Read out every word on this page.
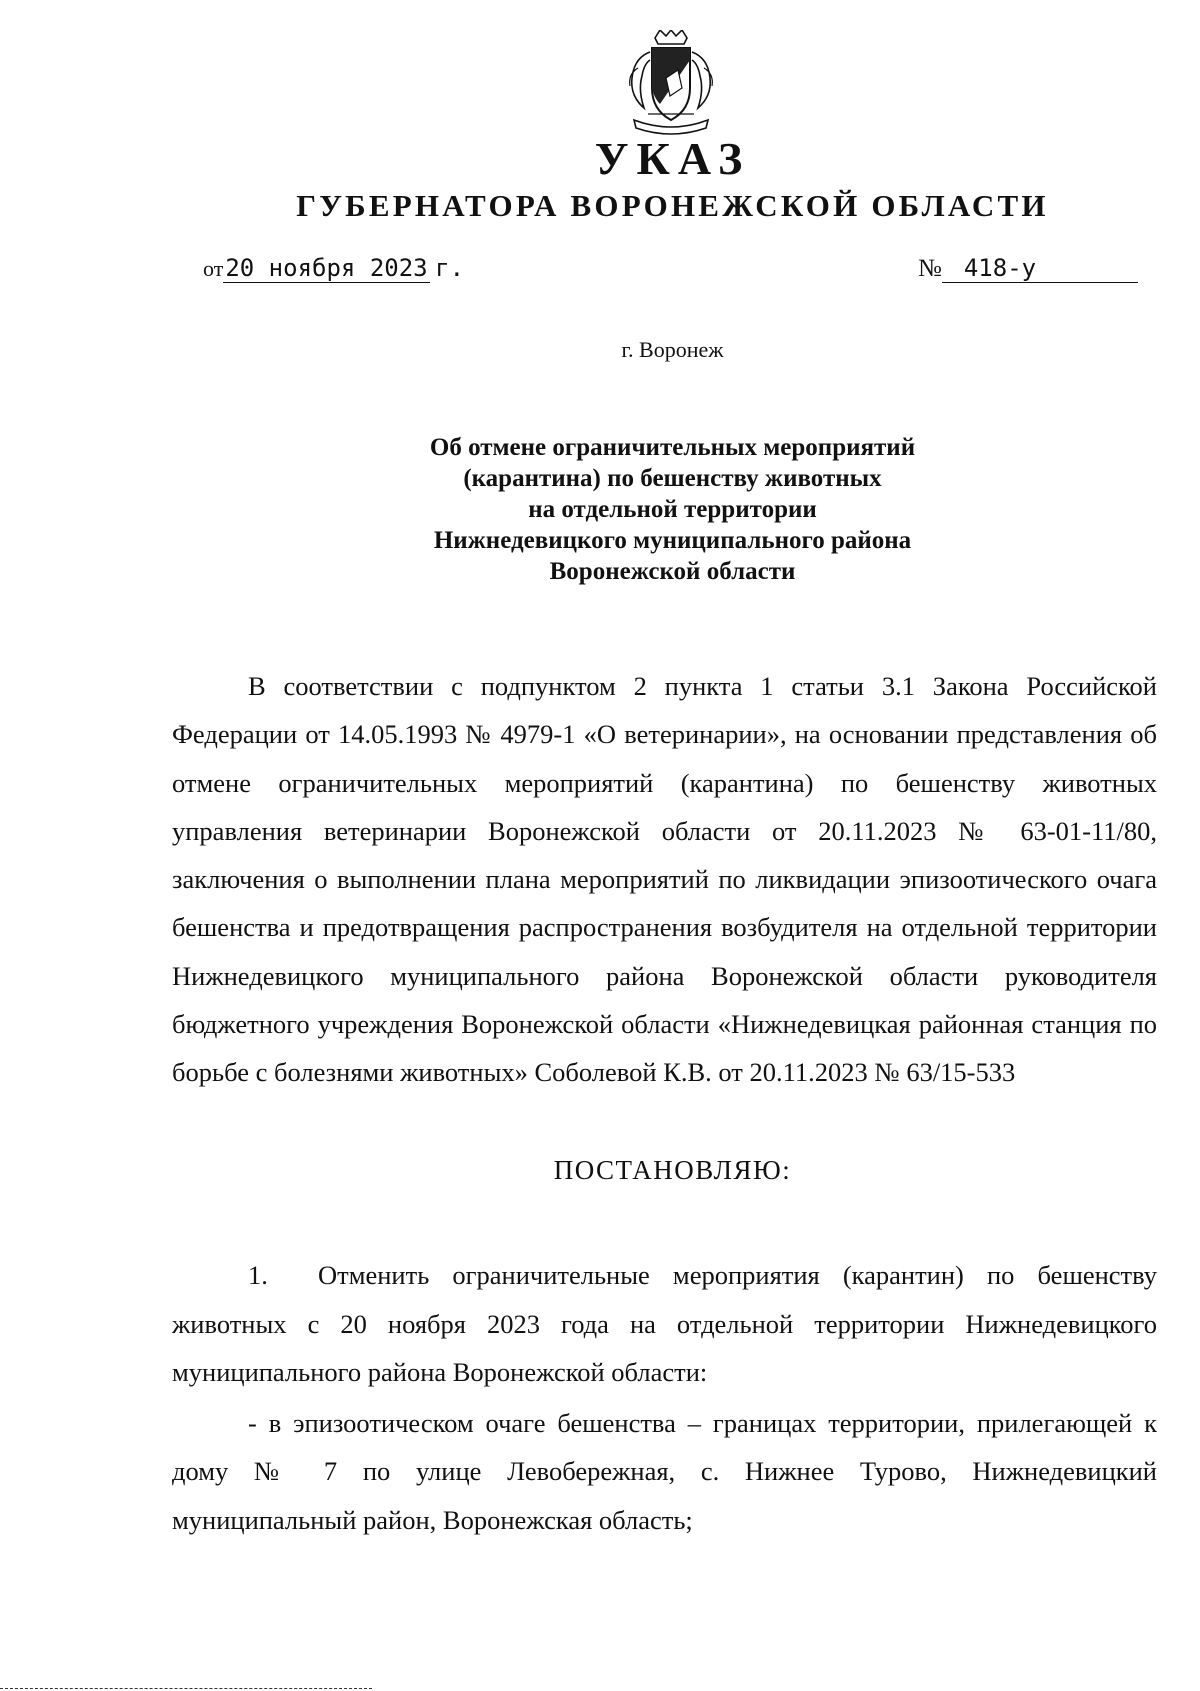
УКАЗ
ГУБЕРНАТОРА ВОРОНЕЖСКОЙ ОБЛАСТИ
от20 ноября 2023 г.	№ 418-у
г. Воронеж
Об отмене ограничительных мероприятий
(карантина) по бешенству животных
на отдельной территории
Нижнедевицкого муниципального района
Воронежской области

В соответствии с подпунктом 2 пункта 1 статьи 3.1 Закона Российской Федерации от 14.05.1993 № 4979-1 «О ветеринарии», на основании представления об отмене ограничительных мероприятий (карантина) по бешенству животных управления ветеринарии Воронежской области от 20.11.2023 № 63-01-11/80, заключения о выполнении плана мероприятий по ликвидации эпизоотического очага бешенства и предотвращения распространения возбудителя на отдельной территории Нижнедевицкого муниципального района Воронежской области руководителя бюджетного учреждения Воронежской области «Нижнедевицкая районная станция по борьбе с болезнями животных» Соболевой К.В. от 20.11.2023 № 63/15-533

ПОСТАНОВЛЯЮ:

1. Отменить ограничительные мероприятия (карантин) по бешенству животных с 20 ноября 2023 года на отдельной территории Нижнедевицкого муниципального района Воронежской области:

- в эпизоотическом очаге бешенства – границах территории, прилегающей к дому № 7 по улице Левобережная, с. Нижнее Турово, Нижнедевицкий муниципальный район, Воронежская область;
